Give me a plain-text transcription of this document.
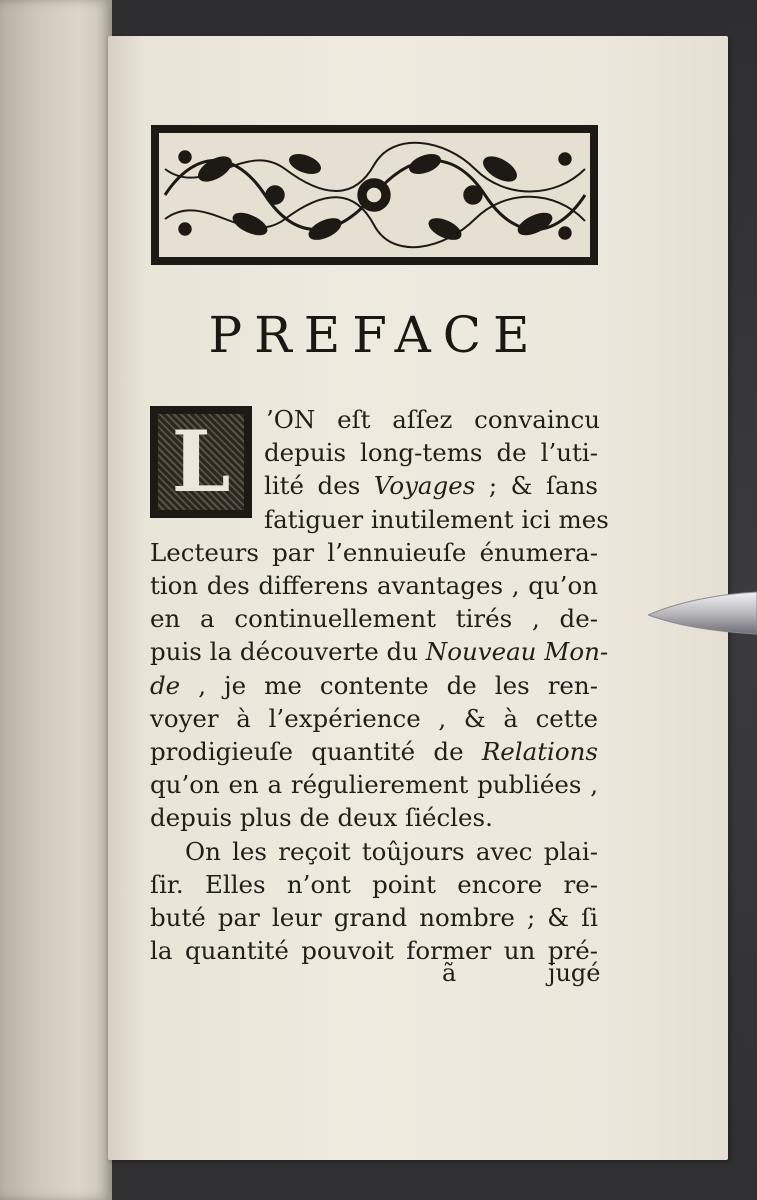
PREFACE
L	’ON eſt aſſez convaincu
depuis long-tems de l’uti-
lité des Voyages ; & ſans
fatiguer inutilement ici mes
Lecteurs par l’ennuieuſe énumera-
tion des differens avantages , qu’on
en a continuellement tirés , de-
puis la découverte du Nouveau Mon-
de , je me contente de les ren-
voyer à l’expérience , & à cette
prodigieuſe quantité de Relations
qu’on en a régulierement publiées ,
depuis plus de deux ſiécles.
On les reçoit toûjours avec plai-
ſir. Elles n’ont point encore re-
buté par leur grand nombre ; & ſi
la quantité pouvoit former un pré-
ã	jugé
